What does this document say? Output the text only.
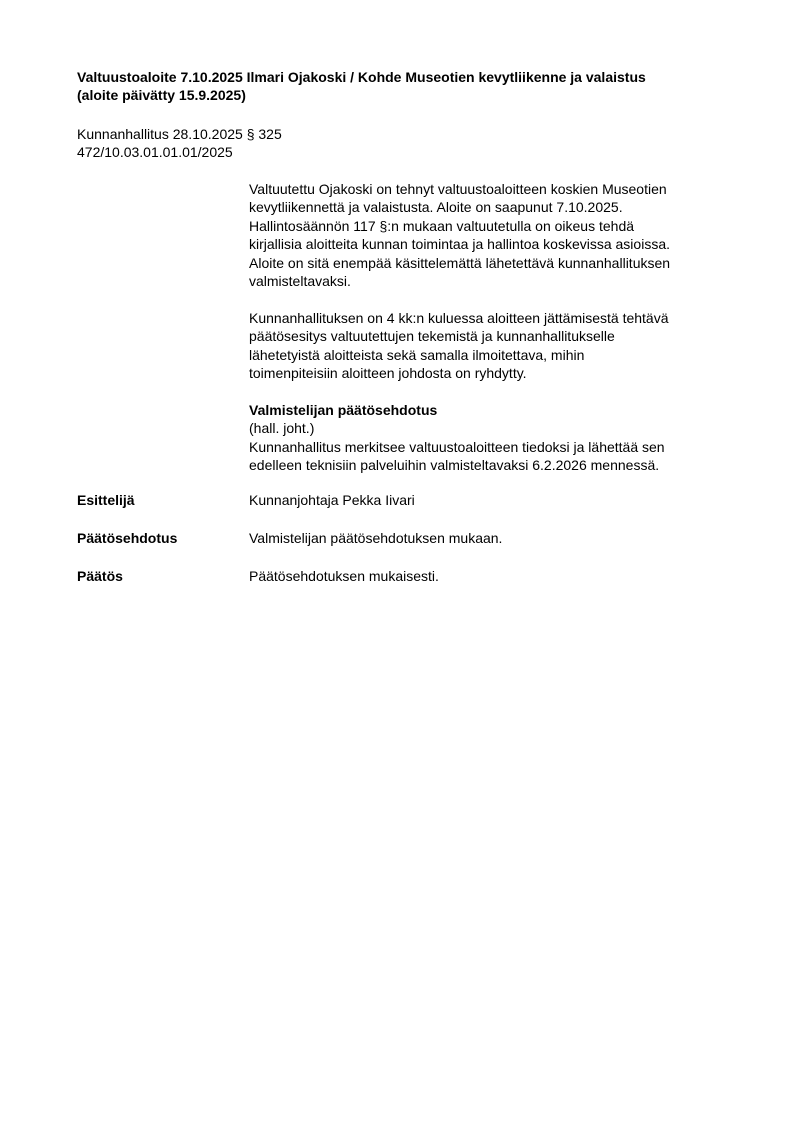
Valtuustoaloite 7.10.2025 Ilmari Ojakoski / Kohde Museotien kevytliikenne ja valaistus
(aloite päivätty 15.9.2025)
Kunnanhallitus 28.10.2025 § 325
472/10.03.01.01.01/2025
Valtuutettu Ojakoski on tehnyt valtuustoaloitteen koskien Museotien
kevytliikennettä ja valaistusta. Aloite on saapunut 7.10.2025.
Hallintosäännön 117 §:n mukaan valtuutetulla on oikeus tehdä
kirjallisia aloitteita kunnan toimintaa ja hallintoa koskevissa asioissa.
Aloite on sitä enempää käsittelemättä lähetettävä kunnanhallituksen
valmisteltavaksi.
Kunnanhallituksen on 4 kk:n kuluessa aloitteen jättämisestä tehtävä
päätösesitys valtuutettujen tekemistä ja kunnanhallitukselle
lähetetyistä aloitteista sekä samalla ilmoitettava, mihin
toimenpiteisiin aloitteen johdosta on ryhdytty.
Valmistelijan päätösehdotus
(hall. joht.)
Kunnanhallitus merkitsee valtuustoaloitteen tiedoksi ja lähettää sen
edelleen teknisiin palveluihin valmisteltavaksi 6.2.2026 mennessä.
Esittelijä	Kunnanjohtaja Pekka Iivari
Päätösehdotus	Valmistelijan päätösehdotuksen mukaan.
Päätös	Päätösehdotuksen mukaisesti.
